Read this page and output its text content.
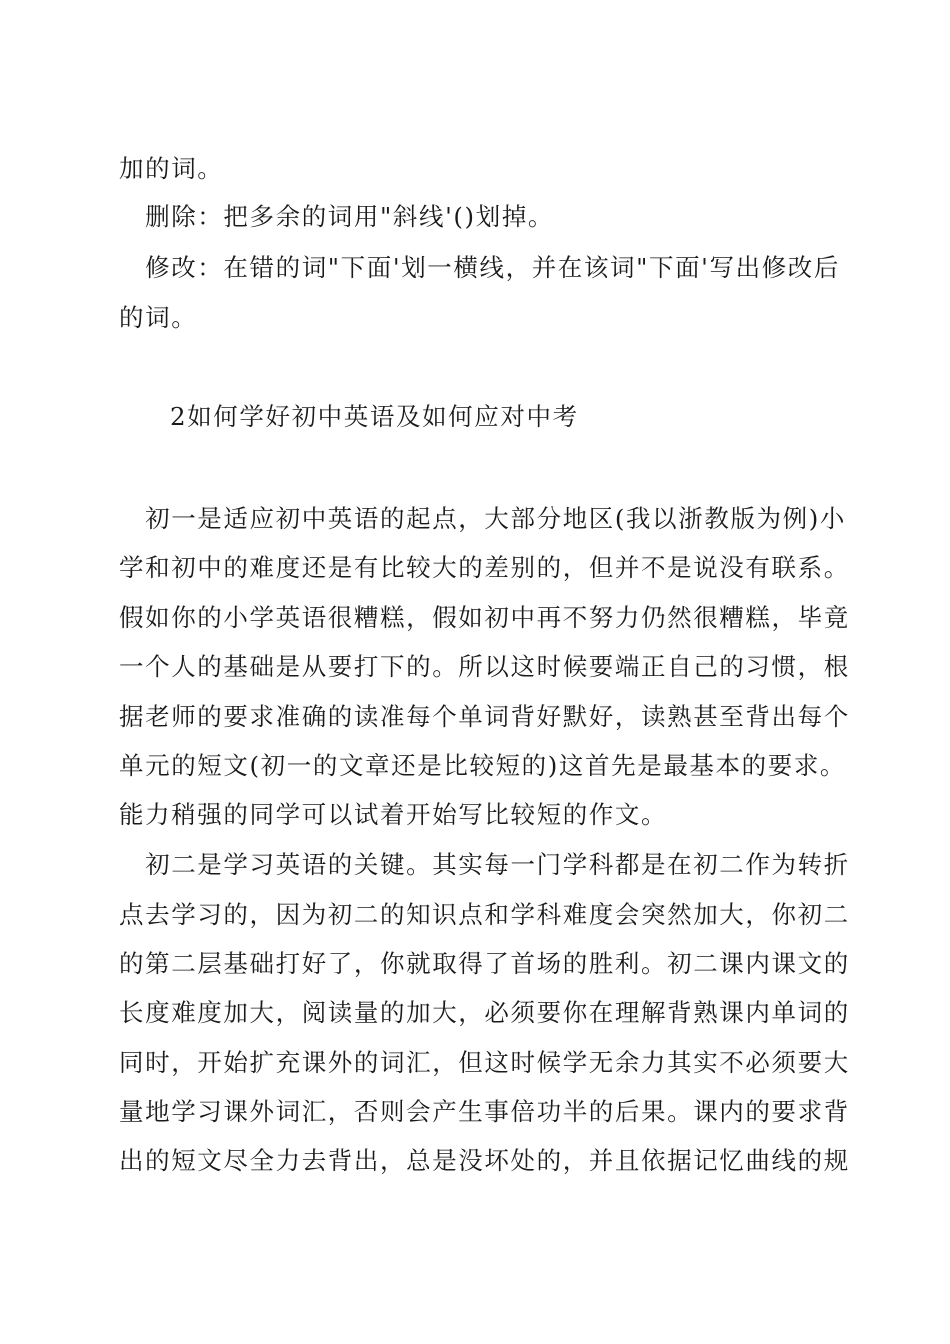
加的词。
　删除：把多余的词用"斜线'()划掉。
　修改：在错的词"下面'划一横线，并在该词"下面'写出修改后
的词。
2如何学好初中英语及如何应对中考
　初一是适应初中英语的起点，大部分地区(我以浙教版为例)小
学和初中的难度还是有比较大的差别的，但并不是说没有联系。
假如你的小学英语很糟糕，假如初中再不努力仍然很糟糕，毕竟
一个人的基础是从要打下的。所以这时候要端正自己的习惯，根
据老师的要求准确的读准每个单词背好默好，读熟甚至背出每个
单元的短文(初一的文章还是比较短的)这首先是最基本的要求。
能力稍强的同学可以试着开始写比较短的作文。
　初二是学习英语的关键。其实每一门学科都是在初二作为转折
点去学习的，因为初二的知识点和学科难度会突然加大，你初二
的第二层基础打好了，你就取得了首场的胜利。初二课内课文的
长度难度加大，阅读量的加大，必须要你在理解背熟课内单词的
同时，开始扩充课外的词汇，但这时候学无余力其实不必须要大
量地学习课外词汇，否则会产生事倍功半的后果。课内的要求背
出的短文尽全力去背出，总是没坏处的，并且依据记忆曲线的规
